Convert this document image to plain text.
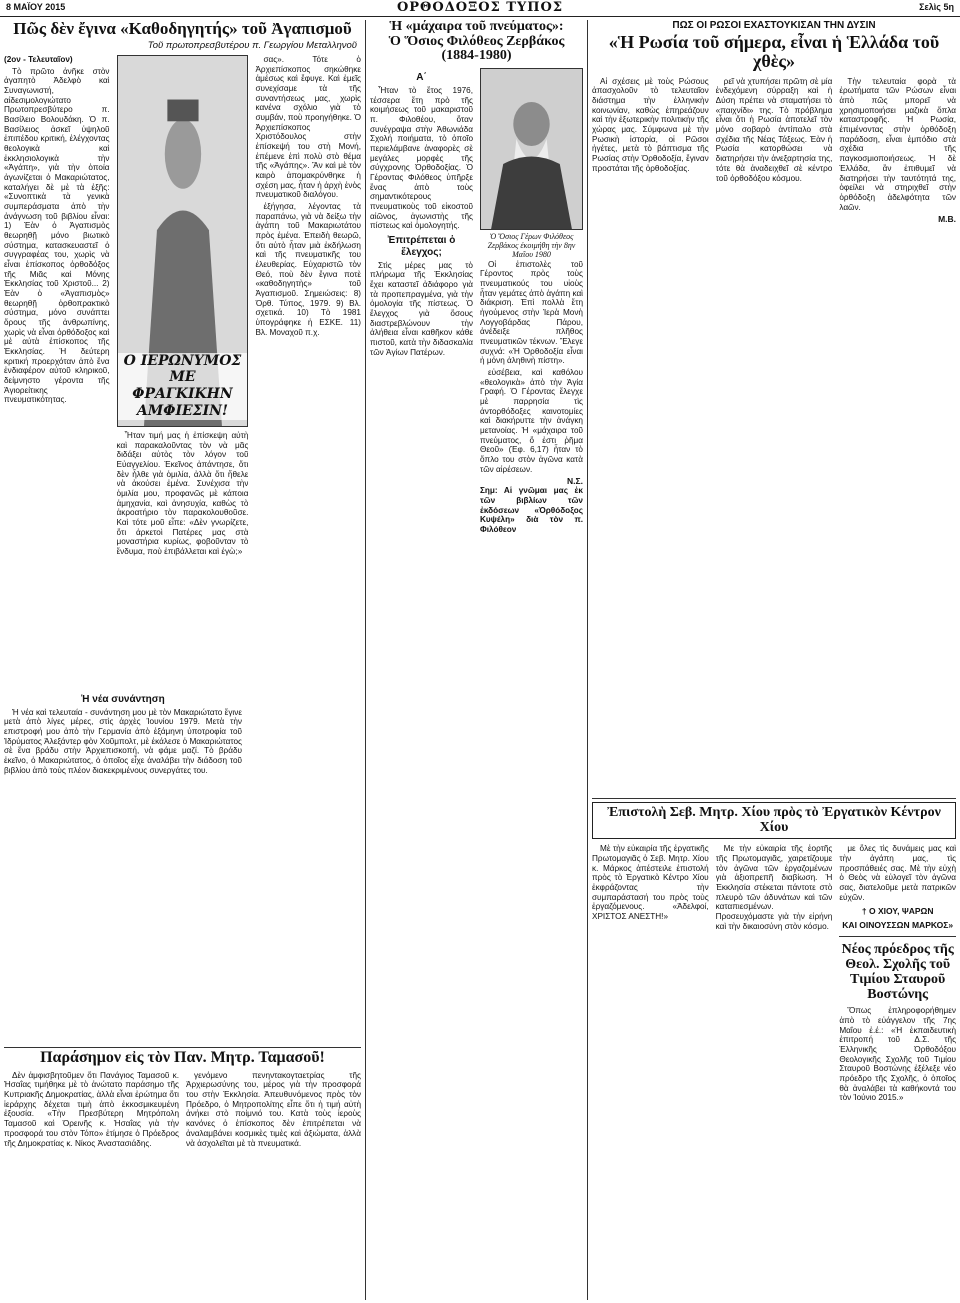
8 ΜΑΪΟΥ 2015	ΟΡΘΟΔΟΞΟΣ ΤΥΠΟΣ	Σελὶς 5η
Πῶς δὲν ἔγινα «Καθοδηγητής» τοῦ Ἀγαπισμοῦ
Τοῦ πρωτοπρεσβυτέρου π. Γεωργίου Μεταλληνοῦ

(2ον - Τελευταῖον)

Τὸ πρῶτο ἀνῆκε στὸν ἀγαπητὸ Ἀδελφὸ καὶ Συναγωνιστή, αἰδεσιμολογιώτατο Πρωτοπρεσβύτερο π. Βασίλειο Βολουδάκη. Ὁ π. Βασίλειος ἀσκεῖ ὑψηλοῦ ἐπιπέδου κριτική, ἐλέγχοντας θεολογικὰ καὶ ἐκκλησιολογικὰ τὴν «Ἀγάπη», γιὰ τὴν ὁποία ἀγωνίζεται ὁ Μακαριώτατος, καταλήγει δὲ μὲ τὰ ἑξῆς: «Συνοπτικὰ τὰ γενικὰ συμπεράσματα ἀπὸ τὴν ἀνάγνωση τοῦ βιβλίου εἶναι: 1) Ἐὰν ὁ Ἀγαπισμὸς θεωρηθῇ μόνο βιωτικὸ σύστημα, κατασκευαστεῖ ὁ συγγραφέας του, χωρὶς νὰ εἶναι ἐπίσκοπος ὀρθοδόξος τῆς Μιᾶς καὶ Μόνης Ἐκκλησίας τοῦ Χριστοῦ... 2) Ἐὰν ὁ «Ἀγαπισμὸς» θεωρηθῇ ὀρθοπρακτικὸ σύστημα, μόνο συνάπτει ὅρους τῆς ἀνθρωπίνης, χωρὶς νὰ εἶναι ὀρθόδοξος καὶ μὲ αὐτὰ ἐπίσκοπος τῆς Ἐκκλησίας. Ἡ δεύτερη κριτική προερχόταν ἀπὸ ἕνα ἐνδιαφέρον αὐτοῦ κληρικοῦ, δείμνηστο γέροντα τῆς Ἁγιορείτικης πνευματικότητας.

Ο ΙΕΡΩΝΥΜΟΣ
ΜΕ ΦΡΑΓΚΙΚΗΝ
ΑΜΦΙΕΣΙΝ!

Ἦταν τιμή μας ἡ ἐπίσκεψη αὐτὴ καὶ παρακαλοῦντας τὸν νὰ μᾶς διδάξει αὐτὸς τὸν λόγον τοῦ Εὐαγγελίου. Ἐκεῖνος ἀπάντησε, ὅτι δὲν ἦλθε γιὰ ὁμιλία, ἀλλὰ ὅτι ἤθελε νὰ ἀκούσει ἐμένα. Συνέχισα τὴν ὁμιλία μου, προφανῶς μὲ κάποια ἀμηχανία, καὶ ἀνησυχία, καθὼς τὸ ἀκροατήριο τὸν παρακολουθοῦσε. Καὶ τότε μοῦ εἶπε: «Δὲν γνωρίζετε, ὅτι ἀρκετοὶ Πατέρες μας στὰ μοναστήρια κυρίως, φοβοῦνταν τὸ ἔνδυμα, ποὺ ἐπιβάλλεται καὶ ἐγὼ;»

σας». Τότε ὁ Ἀρχιεπίσκοπος σηκώθηκε ἀμέσως καὶ ἔφυγε. Καὶ ἐμεῖς συνεχίσαμε τὰ τῆς συναντήσεως μας, χωρὶς κανένα σχόλιο γιὰ τὸ συμβάν, ποὺ προηγήθηκε. Ὁ Ἀρχιεπίσκοπος Χριστόδουλος στὴν ἐπίσκεψή του στὴ Μονή, ἐπέμενε ἐπὶ πολὺ στὸ θέμα τῆς «Ἀγάπης». Ἂν καὶ μὲ τὸν καιρὸ ἀπομακρύνθηκε ἡ σχέση μας, ἦταν ἡ ἀρχὴ ἑνὸς πνευματικοῦ διαλόγου.

ἐξήγησα, λέγοντας τὰ παραπάνω, γιὰ νὰ δείξω τὴν ἀγάπη τοῦ Μακαριωτάτου πρὸς ἐμένα. Ἐπειδὴ θεωρῶ, ὅτι αὐτὸ ἦταν μιὰ ἐκδήλωση καὶ τῆς πνευματικῆς του ἐλευθερίας. Εὐχαριστῶ τὸν Θεό, ποὺ δὲν ἔγινα ποτὲ «καθοδηγητὴς» τοῦ Ἀγαπισμοῦ. Σημειώσεις: 8) Ὀρθ. Τύπος, 1979. 9) Βλ. σχετικά. 10) Τὸ 1981 ὑπογράφηκε ἡ ΕΣΚΕ. 11) Βλ. Μοναχοῦ π.χ.

Ἡ νέα συνάντηση

Ἡ νέα καὶ τελευταία - συνάντηση μου μὲ τὸν Μακαριώτατο ἔγινε μετὰ ἀπὸ λίγες μέρες, στὶς ἀρχὲς Ἰουνίου 1979. Μετὰ τὴν επιστροφή μου ἀπὸ τὴν Γερμανία ἀπὸ ἐξάμηνη ὑποτροφία τοῦ Ἱδρύματος Ἀλεξάντερ φὸν Χοῦμπολτ, μὲ ἐκάλεσε ὁ Μακαριώτατος σὲ ἕνα βράδυ στὴν Ἀρχιεπισκοπή, νὰ φάμε μαζί. Τὸ βράδυ ἐκεῖνο, ὁ Μακαριώτατος, ὁ ὁποῖος εἶχε ἀναλάβει τὴν διάδοση τοῦ βιβλίου ἀπὸ τοὺς πλέον διακεκριμένους συνεργάτες του.

Παράσημον εἰς τὸν Παν. Μητρ. Ταμασοῦ!

Δὲν ἀμφισβητοῦμεν ὅτι Πανάγιος Ταμασοῦ κ. Ἡσαΐας τιμήθηκε μὲ τὸ ἀνώτατο παράσημο τῆς Κυπριακῆς Δημοκρατίας, ἀλλὰ εἶναι ἐρώτημα ὅτι ἱεράρχης δέχεται τιμὴ ἀπὸ ἐκκοσμικευμένη ἐξουσία. «Τὴν Πρεσβύτερη Μητρόπολη Ταμασοῦ καὶ Ὀρεινῆς κ. Ἡσαΐας γιὰ τὴν προσφορά του στὸν Τόπο» ἐτίμησε ὁ Πρόεδρος τῆς Δημοκρατίας κ. Νίκος Ἀναστασιάδης.

γενόμενο πενηντακογταετρίας τῆς Ἀρχιερωσύνης του, μέρος γιὰ τὴν προσφορά του στὴν Ἐκκλησία. Ἀπευθυνόμενος πρὸς τὸν Πρόεδρο, ὁ Μητροπολίτης εἶπε ὅτι ἡ τιμή αὐτὴ ἀνήκει στὸ ποίμνιό του. Κατὰ τοὺς ἱεροὺς κανόνες ὁ ἐπίσκοπος δὲν ἐπιτρέπεται νὰ ἀναλαμβάνει κοσμικὲς τιμὲς καὶ ἀξιώματα, ἀλλὰ νὰ ἀσχολεῖται μὲ τὰ πνευματικά.

Ἡ «μάχαιρα τοῦ πνεύματος»:
Ὁ Ὅσιος Φιλόθεος Ζερβάκος (1884-1980)

Α΄

Ἦταν τὸ ἔτος 1976, τέσσερα ἔτη πρὸ τῆς κοιμήσεως τοῦ μακαριστοῦ π. Φιλοθέου, ὅταν συνέγραψα στὴν Ἀθωνιάδα Σχολή ποιήματα, τὸ ὁποῖο περιελάμβανε ἀναφορὲς σὲ μεγάλες μορφὲς τῆς σύγχρονης Ὀρθοδοξίας. Ὁ Γέροντας Φιλόθεος ὑπῆρξε ἕνας ἀπὸ τοὺς σημαντικότερους πνευματικοὺς τοῦ εἰκοστοῦ αἰῶνος, ἀγωνιστὴς τῆς πίστεως καὶ ὁμολογητής.

Ἐπιτρέπεται ὁ ἔλεγχος;

Στὶς μέρες μας τὸ πλήρωμα τῆς Ἐκκλησίας ἔχει καταστεῖ ἀδιάφορο γιὰ τὰ προπεπραγμένα, γιὰ τὴν ὁμολογία τῆς πίστεως. Ὁ ἔλεγχος γιὰ ὅσους διαστρεβλώνουν τὴν ἀλήθεια εἶναι καθῆκον κάθε πιστοῦ, κατὰ τὴν διδασκαλία τῶν Ἁγίων Πατέρων.

Ὁ Ὅσιος Γέρων Φιλόθεος Ζερβάκος ἐκοιμήθη τὴν 8ην Μαΐου 1980

Οἱ ἐπιστολὲς τοῦ Γέροντος πρὸς τοὺς πνευματικούς του υἱοὺς ἦταν γεμάτες ἀπὸ ἀγάπη καὶ διάκριση. Ἐπὶ πολλὰ ἔτη ἡγούμενος στὴν Ἱερὰ Μονὴ Λογγοβάρδας Πάρου, ἀνέδειξε πλῆθος πνευματικῶν τέκνων. Ἔλεγε συχνά: «Ἡ Ὀρθοδοξία εἶναι ἡ μόνη ἀληθινὴ πίστη».

εὐσέβεια, καὶ καθόλου «θεολογικὰ» ἀπὸ τὴν Ἁγία Γραφή. Ὁ Γέροντας ἔλεγχε μὲ παρρησία τὶς ἀντορθόδοξες καινοτομίες καὶ διακήρυττε τὴν ἀνάγκη μετανοίας. Ἡ «μάχαιρα τοῦ πνεύματος, ὅ ἐστι ῥῆμα Θεοῦ» (Ἐφ. 6,17) ἦταν τὸ ὅπλο του στὸν ἀγῶνα κατὰ τῶν αἱρέσεων.

Ν.Σ.

Σημ: Αἱ γνῶμαι μας ἐκ τῶν βιβλίων τῶν ἐκδόσεων «Ὀρθόδοξος Κυψέλη» διὰ τὸν π. Φιλόθεον

ΠΩΣ ΟΙ ΡΩΣΟΙ ΕΧΑΣΤΟΥΚΙΣΑΝ ΤΗΝ ΔΥΣΙΝ
«Ἡ Ρωσία τοῦ σήμερα, εἶναι ἡ Ἑλλάδα τοῦ χθὲς»

Αἱ σχέσεις μὲ τοὺς Ρώσους ἀπασχολοῦν τὸ τελευταῖον διάστημα τὴν ἑλληνικὴν κοινωνίαν, καθὼς ἐπηρεάζουν καὶ τὴν ἐξωτερικὴν πολιτικὴν τῆς χώρας μας. Σύμφωνα μὲ τὴν Ρωσικὴ ἱστορία, οἱ Ρῶσοι ἡγέτες, μετὰ τὸ βάπτισμα τῆς Ρωσίας στὴν Ὀρθοδοξία, ἔγιναν προστάται τῆς ὀρθοδοξίας.

ρεῖ νὰ χτυπήσει πρῶτη σὲ μία ἐνδεχόμενη σύρραξη καὶ ἡ Δύση πρέπει νὰ σταματήσει τὸ «παιχνίδι» της. Τὸ πρόβλημα εἶναι ὅτι ἡ Ρωσία ἀποτελεῖ τὸν μόνο σοβαρὸ ἀντίπαλο στὰ σχέδια τῆς Νέας Τάξεως. Ἐὰν ἡ Ρωσία κατορθώσει νὰ διατηρήσει τὴν ἀνεξαρτησία της, τότε θὰ ἀναδειχθεῖ σὲ κέντρο τοῦ ὀρθοδόξου κόσμου.

Τὴν τελευταία φορὰ τὰ ἐρωτήματα τῶν Ρώσων εἶναι ἀπὸ πῶς μπορεῖ νὰ χρησιμοποιήσει μαζικὰ ὅπλα καταστροφῆς. Ἡ Ρωσία, ἐπιμένοντας στὴν ὀρθόδοξη παράδοση, εἶναι ἐμπόδιο στὰ σχέδια τῆς παγκοσμιοποιήσεως. Ἡ δὲ Ἑλλάδα, ἂν ἐπιθυμεῖ νὰ διατηρήσει τὴν ταυτότητά της, ὀφείλει νὰ στηριχθεῖ στὴν ὀρθόδοξη ἀδελφότητα τῶν λαῶν.

Μ.Β.
Ἐπιστολὴ Σεβ. Μητρ. Χίου πρὸς τὸ Ἐργατικὸν Κέντρον Χίου

Μὲ τὴν εὐκαιρία τῆς ἐργατικῆς Πρωτομαγιᾶς ὁ Σεβ. Μητρ. Χίου κ. Μάρκος ἀπέστειλε ἐπιστολή πρὸς τὸ Ἐργατικὸ Κέντρο Χίου ἐκφράζοντας τὴν συμπαράστασή του πρὸς τοὺς ἐργαζόμενους. «Ἀδελφοί, ΧΡΙΣΤΟΣ ΑΝΕΣΤΗ!»

Με τὴν εὐκαιρία τῆς ἑορτῆς τῆς Πρωτομαγιᾶς, χαιρετίζουμε τὸν ἀγῶνα τῶν ἐργαζομένων γιὰ ἀξιοπρεπῆ διαβίωση. Ἡ Ἐκκλησία στέκεται πάντοτε στὸ πλευρὸ τῶν ἀδυνάτων καὶ τῶν καταπιεσμένων. Προσευχόμαστε γιὰ τὴν εἰρήνη καὶ τὴν δικαιοσύνη στὸν κόσμο.

με ὅλες τὶς δυνάμεις μας καὶ τὴν ἀγάπη μας, τὶς προσπάθειές σας. Μὲ τὴν εὐχὴ ὁ Θεὸς νὰ εὐλογεῖ τὸν ἀγῶνα σας, διατελοῦμε μετὰ πατρικῶν εὐχῶν.

† Ο ΧΙΟΥ, ΨΑΡΩΝ

ΚΑΙ ΟΙΝΟΥΣΣΩΝ ΜΑΡΚΟΣ»

Νέος πρόεδρος τῆς Θεολ. Σχολῆς τοῦ Τιμίου Σταυροῦ Βοστώνης

Ὅπως ἐπληροφορήθημεν ἀπὸ τὸ εὐάγγελον τῆς 7ης Μαΐου ἐ.έ.: «Ἡ ἐκπαιδευτικὴ ἐπιτροπή τοῦ Δ.Σ. τῆς Ἑλληνικῆς Ὀρθοδόξου Θεολογικῆς Σχολῆς τοῦ Τιμίου Σταυροῦ Βοστώνης ἐξέλεξε νέο πρόεδρο τῆς Σχολῆς, ὁ ὁποῖος θὰ ἀναλάβει τὰ καθήκοντά του τὸν Ἰούνιο 2015.»
